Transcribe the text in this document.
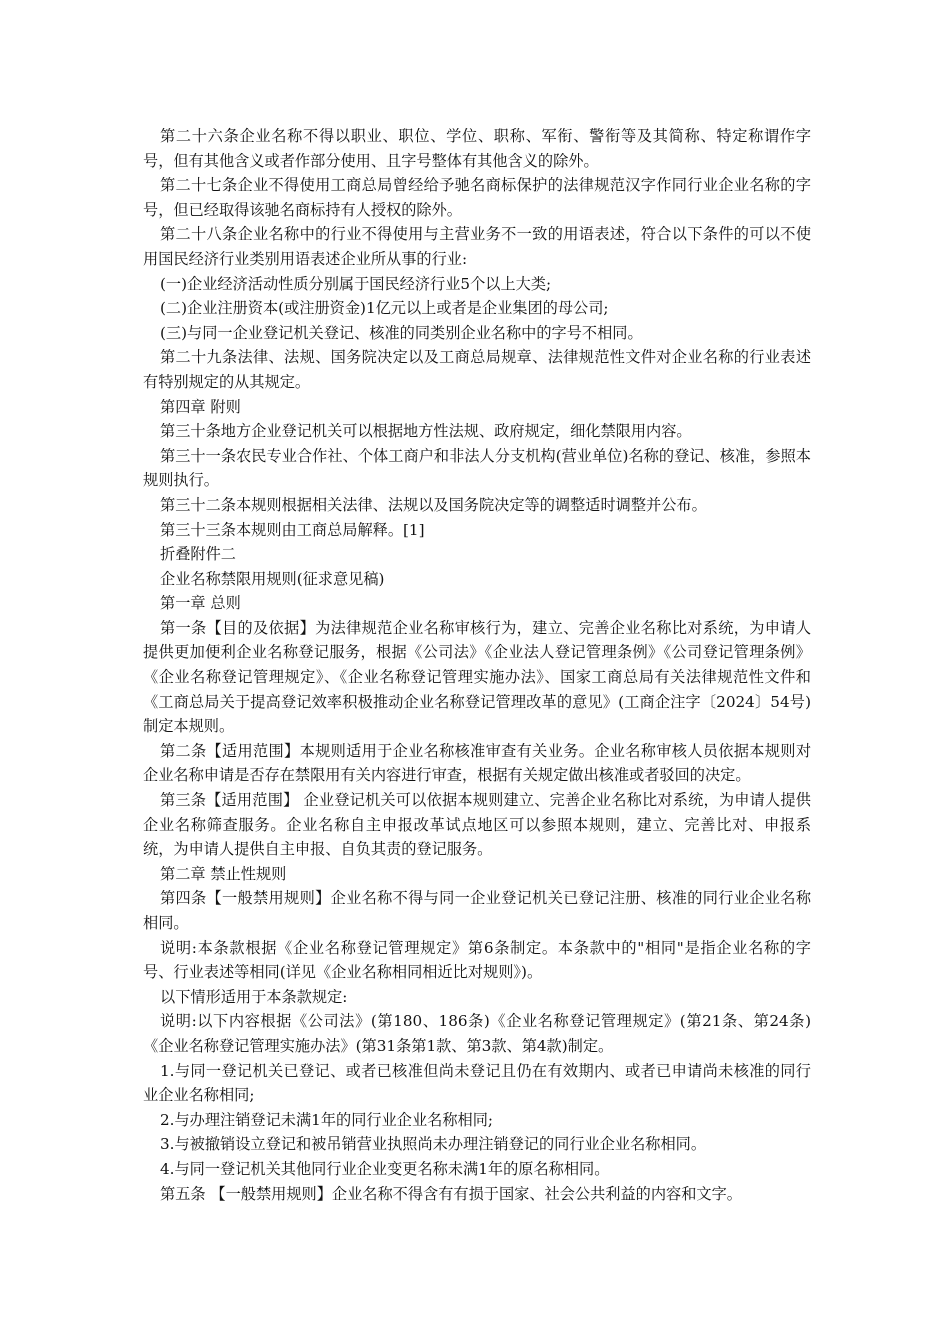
第二十六条企业名称不得以职业、职位、学位、职称、军衔、警衔等及其简称、特定称谓作字号，但有其他含义或者作部分使用、且字号整体有其他含义的除外。

第二十七条企业不得使用工商总局曾经给予驰名商标保护的法律规范汉字作同行业企业名称的字号，但已经取得该驰名商标持有人授权的除外。

第二十八条企业名称中的行业不得使用与主营业务不一致的用语表述，符合以下条件的可以不使用国民经济行业类别用语表述企业所从事的行业:

(一)企业经济活动性质分别属于国民经济行业5个以上大类;

(二)企业注册资本(或注册资金)1亿元以上或者是企业集团的母公司;

(三)与同一企业登记机关登记、核准的同类别企业名称中的字号不相同。

第二十九条法律、法规、国务院决定以及工商总局规章、法律规范性文件对企业名称的行业表述有特别规定的从其规定。

第四章 附则

第三十条地方企业登记机关可以根据地方性法规、政府规定，细化禁限用内容。

第三十一条农民专业合作社、个体工商户和非法人分支机构(营业单位)名称的登记、核准，参照本规则执行。

第三十二条本规则根据相关法律、法规以及国务院决定等的调整适时调整并公布。

第三十三条本规则由工商总局解释。[1]

折叠附件二

企业名称禁限用规则(征求意见稿)

第一章 总则

第一条【目的及依据】为法律规范企业名称审核行为，建立、完善企业名称比对系统，为申请人提供更加便利企业名称登记服务，根据《公司法》《企业法人登记管理条例》《公司登记管理条例》《企业名称登记管理规定》、《企业名称登记管理实施办法》、国家工商总局有关法律规范性文件和《工商总局关于提高登记效率积极推动企业名称登记管理改革的意见》(工商企注字〔2024〕54号)制定本规则。

第二条【适用范围】本规则适用于企业名称核准审查有关业务。企业名称审核人员依据本规则对企业名称申请是否存在禁限用有关内容进行审查，根据有关规定做出核准或者驳回的决定。

第三条【适用范围】 企业登记机关可以依据本规则建立、完善企业名称比对系统，为申请人提供企业名称筛查服务。企业名称自主申报改革试点地区可以参照本规则，建立、完善比对、申报系统，为申请人提供自主申报、自负其责的登记服务。

第二章 禁止性规则

第四条【一般禁用规则】企业名称不得与同一企业登记机关已登记注册、核准的同行业企业名称相同。

说明:本条款根据《企业名称登记管理规定》第6条制定。本条款中的"相同"是指企业名称的字号、行业表述等相同(详见《企业名称相同相近比对规则》)。

以下情形适用于本条款规定:

说明:以下内容根据《公司法》(第180、186条)《企业名称登记管理规定》(第21条、第24条)《企业名称登记管理实施办法》(第31条第1款、第3款、第4款)制定。

1.与同一登记机关已登记、或者已核准但尚未登记且仍在有效期内、或者已申请尚未核准的同行业企业名称相同;

2.与办理注销登记未满1年的同行业企业名称相同;

3.与被撤销设立登记和被吊销营业执照尚未办理注销登记的同行业企业名称相同。

4.与同一登记机关其他同行业企业变更名称未满1年的原名称相同。

第五条 【一般禁用规则】企业名称不得含有有损于国家、社会公共利益的内容和文字。
